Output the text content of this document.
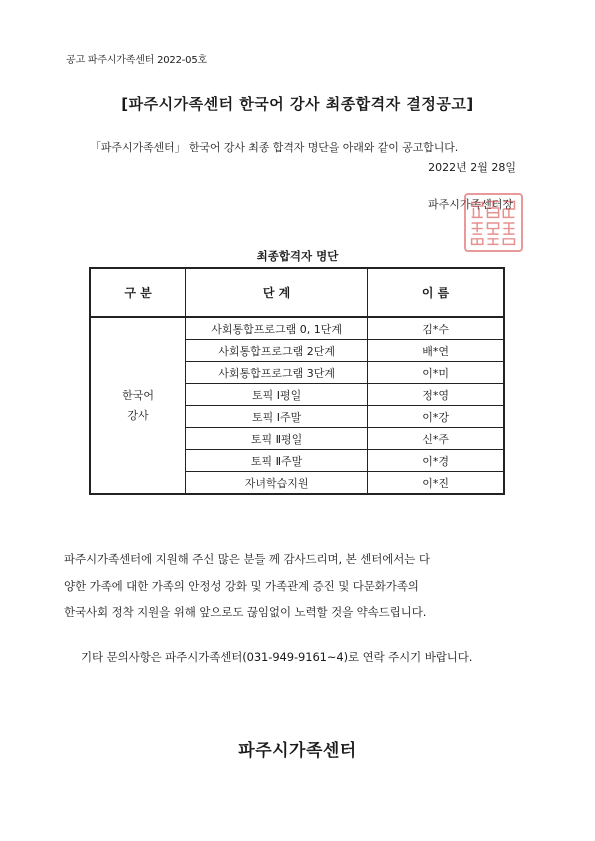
공고 파주시가족센터 2022-05호
[파주시가족센터 한국어 강사 최종합격자 결정공고]
「파주시가족센터」 한국어 강사 최종 합격자 명단을 아래와 같이 공고합니다.
2022년 2월 28일
파주시가족센터장
최종합격자 명단
구 분	단 계	이 름

한국어
강사	사회통합프로그램 0, 1단계	김*수
	사회통합프로그램 2단계	배*연
	사회통합프로그램 3단계	이*미
	토픽 Ⅰ평일	정*영
	토픽 Ⅰ주말	이*강
	토픽 Ⅱ평일	신*주
	토픽 Ⅱ주말	이*경
	자녀학습지원	이*진

파주시가족센터에 지원해 주신 많은 분들 께 감사드리며, 본 센터에서는 다

양한 가족에 대한 가족의 안정성 강화 및 가족관계 증진 및 다문화가족의

한국사회 정착 지원을 위해 앞으로도 끊임없이 노력할 것을 약속드립니다.

기타 문의사항은 파주시가족센터(031-949-9161~4)로 연락 주시기 바랍니다.
파주시가족센터
